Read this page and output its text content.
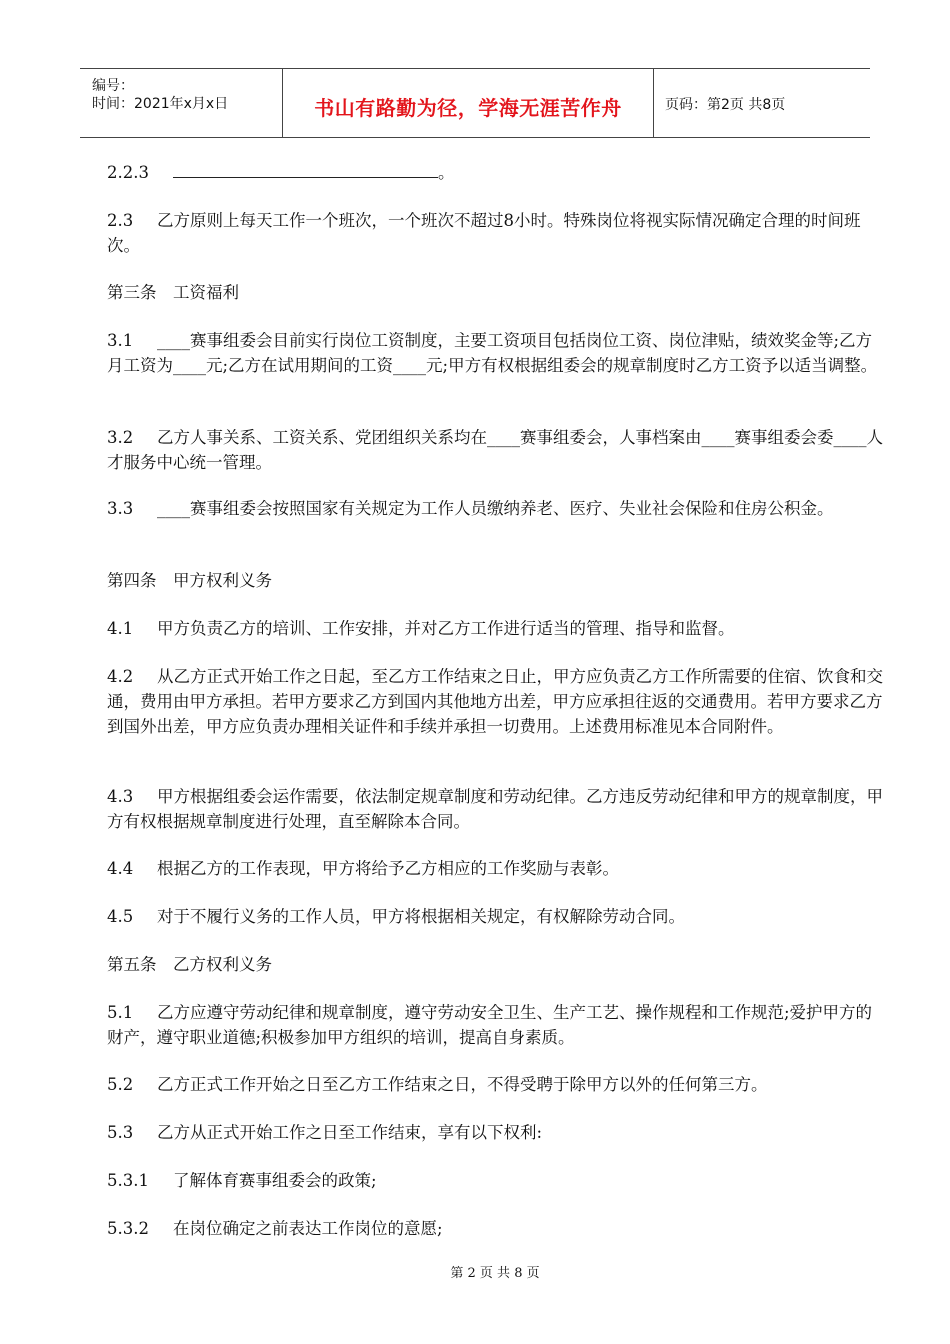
编号：
时间：2021年x月x日	书山有路勤为径，学海无涯苦作舟	页码：第2页 共8页

2.2.3	。

2.3 乙方原则上每天工作一个班次，一个班次不超过8小时。特殊岗位将视实际情况确定合理的时间班次。

第三条　工资福利

3.1 ____赛事组委会目前实行岗位工资制度，主要工资项目包括岗位工资、岗位津贴，绩效奖金等;乙方月工资为____元;乙方在试用期间的工资____元;甲方有权根据组委会的规章制度时乙方工资予以适当调整。

3.2 乙方人事关系、工资关系、党团组织关系均在____赛事组委会，人事档案由____赛事组委会委____人才服务中心统一管理。

3.3 ____赛事组委会按照国家有关规定为工作人员缴纳养老、医疗、失业社会保险和住房公积金。

第四条　甲方权利义务

4.1 甲方负责乙方的培训、工作安排，并对乙方工作进行适当的管理、指导和监督。

4.2 从乙方正式开始工作之日起，至乙方工作结束之日止，甲方应负责乙方工作所需要的住宿、饮食和交通，费用由甲方承担。若甲方要求乙方到国内其他地方出差，甲方应承担往返的交通费用。若甲方要求乙方到国外出差，甲方应负责办理相关证件和手续并承担一切费用。上述费用标准见本合同附件。

4.3 甲方根据组委会运作需要，依法制定规章制度和劳动纪律。乙方违反劳动纪律和甲方的规章制度，甲方有权根据规章制度进行处理，直至解除本合同。

4.4 根据乙方的工作表现，甲方将给予乙方相应的工作奖励与表彰。

4.5 对于不履行义务的工作人员，甲方将根据相关规定，有权解除劳动合同。

第五条　乙方权利义务

5.1 乙方应遵守劳动纪律和规章制度，遵守劳动安全卫生、生产工艺、操作规程和工作规范;爱护甲方的财产，遵守职业道德;积极参加甲方组织的培训，提高自身素质。

5.2 乙方正式工作开始之日至乙方工作结束之日，不得受聘于除甲方以外的任何第三方。

5.3 乙方从正式开始工作之日至工作结束，享有以下权利:

5.3.1 了解体育赛事组委会的政策;

5.3.2 在岗位确定之前表达工作岗位的意愿;

第 2 页 共 8 页
